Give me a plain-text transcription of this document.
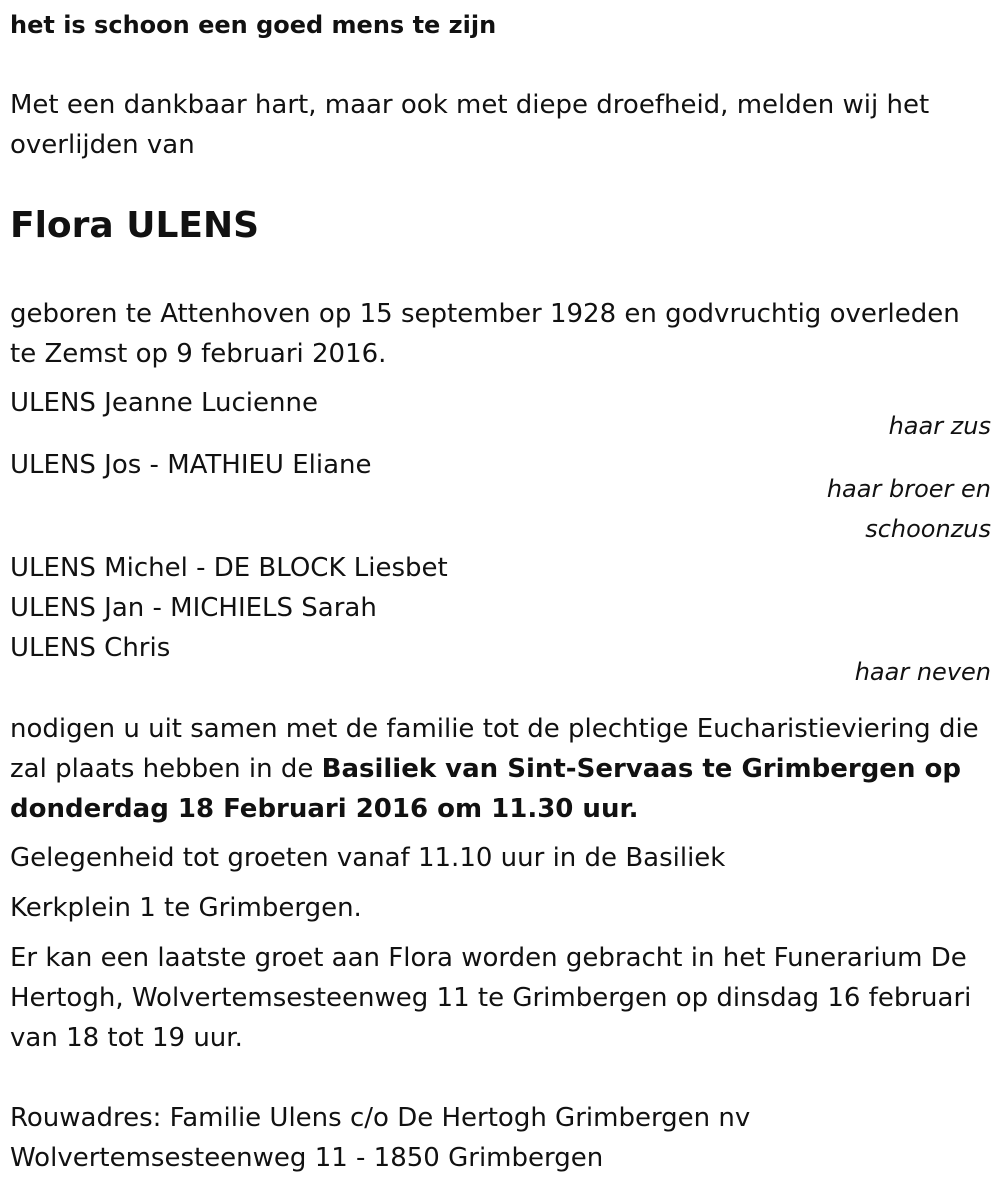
het is schoon een goed mens te zijn

Met een dankbaar hart, maar ook met diepe droefheid, melden wij het overlijden van

Flora ULENS

geboren te Attenhoven op 15 september 1928 en godvruchtig overleden te Zemst op 9 februari 2016.

ULENS Jeanne Lucienne

haar zus

ULENS Jos - MATHIEU Eliane

haar broer en

schoonzus

ULENS Michel - DE BLOCK Liesbet

ULENS Jan - MICHIELS Sarah

ULENS Chris

haar neven

nodigen u uit samen met de familie tot de plechtige Eucharistieviering die zal plaats hebben in de Basiliek van Sint-Servaas te Grimbergen op donderdag 18 Februari 2016 om 11.30 uur.

Gelegenheid tot groeten vanaf 11.10 uur in de Basiliek

Kerkplein 1 te Grimbergen.

Er kan een laatste groet aan Flora worden gebracht in het Funerarium De Hertogh, Wolvertemsesteenweg 11 te Grimbergen op dinsdag 16 februari van 18 tot 19 uur.

Rouwadres: Familie Ulens c/o De Hertogh Grimbergen nv

Wolvertemsesteenweg 11 - 1850 Grimbergen
